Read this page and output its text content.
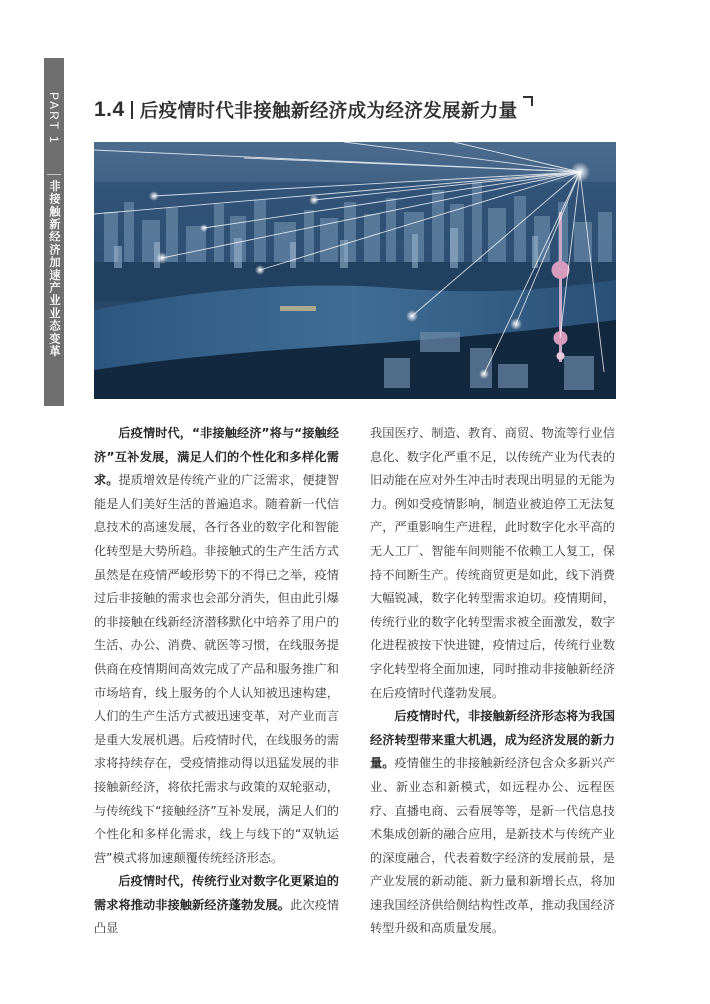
PART 1
非接触新经济加速产业业态变革
1.4 后疫情时代非接触新经济成为经济发展新力量

后疫情时代，“非接触经济”将与“接触经济”互补发展，满足人们的个性化和多样化需求。提质增效是传统产业的广泛需求，便捷智能是人们美好生活的普遍追求。随着新一代信息技术的高速发展，各行各业的数字化和智能化转型是大势所趋。非接触式的生产生活方式虽然是在疫情严峻形势下的不得已之举，疫情过后非接触的需求也会部分消失，但由此引爆的非接触在线新经济潜移默化中培养了用户的生活、办公、消费、就医等习惯，在线服务提供商在疫情期间高效完成了产品和服务推广和市场培育，线上服务的个人认知被迅速构建，人们的生产生活方式被迅速变革，对产业而言是重大发展机遇。后疫情时代，在线服务的需求将持续存在，受疫情推动得以迅猛发展的非接触新经济，将依托需求与政策的双轮驱动，与传统线下“接触经济”互补发展，满足人们的个性化和多样化需求，线上与线下的“双轨运营”模式将加速颠覆传统经济形态。

后疫情时代，传统行业对数字化更紧迫的需求将推动非接触新经济蓬勃发展。此次疫情凸显

我国医疗、制造、教育、商贸、物流等行业信息化、数字化严重不足，以传统产业为代表的旧动能在应对外生冲击时表现出明显的无能为力。例如受疫情影响，制造业被迫停工无法复产，严重影响生产进程，此时数字化水平高的无人工厂、智能车间则能不依赖工人复工，保持不间断生产。传统商贸更是如此，线下消费大幅锐减，数字化转型需求迫切。疫情期间，传统行业的数字化转型需求被全面激发，数字化进程被按下快进键，疫情过后，传统行业数字化转型将全面加速，同时推动非接触新经济在后疫情时代蓬勃发展。

后疫情时代，非接触新经济形态将为我国经济转型带来重大机遇，成为经济发展的新力量。疫情催生的非接触新经济包含众多新兴产业、新业态和新模式，如远程办公、远程医疗、直播电商、云看展等等，是新一代信息技术集成创新的融合应用，是新技术与传统产业的深度融合，代表着数字经济的发展前景，是产业发展的新动能、新力量和新增长点，将加速我国经济供给侧结构性改革，推动我国经济转型升级和高质量发展。
